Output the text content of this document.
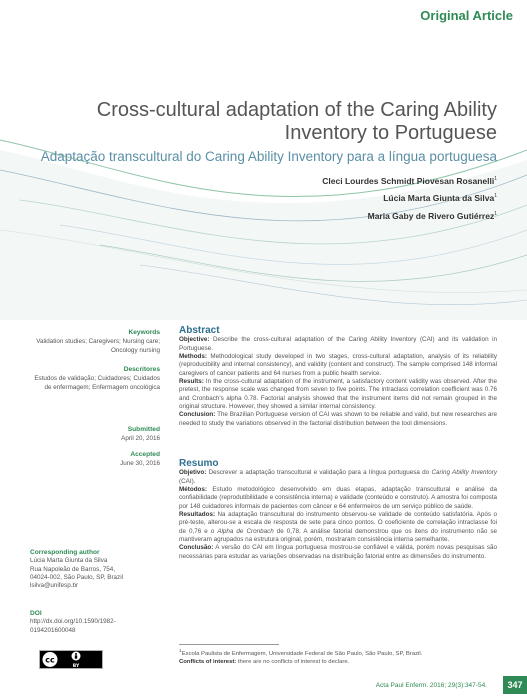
Original Article
Cross-cultural adaptation of the Caring Ability Inventory to Portuguese
Adaptação transcultural do Caring Ability Inventory para a língua portuguesa
Cleci Lourdes Schmidt Piovesan Rosanelli$^1$
Lúcia Marta Giunta da Silva$^1$
Maria Gaby de Rivero Gutiérrez$^1$
Keywords
Validation studies; Caregivers; Nursing care; Oncology nursing
Descritores
Estudos de validação; Cuidadores; Cuidados de enfermagem; Enfermagem oncológica
Submitted
April 20, 2016
Accepted
June 30, 2016
Corresponding author
Lúcia Marta Giunta da Silva
Rua Napoleão de Barros, 754,
04024-002, São Paulo, SP, Brazil
lsilva@unifesp.br
DOI
http://dx.doi.org/10.1590/1982-
0194201600048
cc
BY
Abstract

Objective: Describe the cross-cultural adaptation of the Caring Ability Inventory (CAI) and its validation in Portuguese.

Methods: Methodological study developed in two stages, cross-cultural adaptation, analysis of its reliability (reproducibility and internal consistency), and validity (content and construct). The sample comprised 148 informal caregivers of cancer patients and 64 nurses from a public health service.

Results: In the cross-cultural adaptation of the instrument, a satisfactory content validity was observed. After the pretest, the response scale was changed from seven to five points. The intraclass correlation coefficient was 0.76 and Cronbach's alpha 0.78. Factorial analysis showed that the instrument items did not remain grouped in the original structure. However, they showed a similar internal consistency.

Conclusion: The Brazilian Portuguese version of CAI was shown to be reliable and valid, but new researches are needed to study the variations observed in the factorial distribution between the tool dimensions.

Resumo

Objetivo: Descrever a adaptação transcultural e validação para a língua portuguesa do Caring Ability Inventory (CAI).

Métodos: Estudo metodológico desenvolvido em duas etapas, adaptação transcultural e análise da confiabilidade (reprodutibilidade e consistência interna) e validade (conteúdo e construto). A amostra foi composta por 148 cuidadores informais de pacientes com câncer e 64 enfermeiros de um serviço público de saúde.

Resultados: Na adaptação transcultural do instrumento observou-se validade de conteúdo satisfatória. Após o pré-teste, alterou-se a escala de resposta de sete para cinco pontos. O coeficiente de correlação intraclasse foi de 0,76 e o Alpha de Cronbach de 0,78. A análise fatorial demonstrou que os itens do instrumento não se mantiveram agrupados na estrutura original, porém, mostraram consistência interna semelhante.

Conclusão: A versão do CAI em língua portuguesa mostrou-se confiável e válida, porém novas pesquisas são necessárias para estudar as variações observadas na distribuição fatorial entre as dimensões do instrumento.

$^1$Escola Paulista de Enfermagem, Universidade Federal de São Paulo, São Paulo, SP, Brazil.
Conflicts of interest: there are no conflicts of interest to declare.
Acta Paul Enferm. 2016; 29(3):347-54.	347
